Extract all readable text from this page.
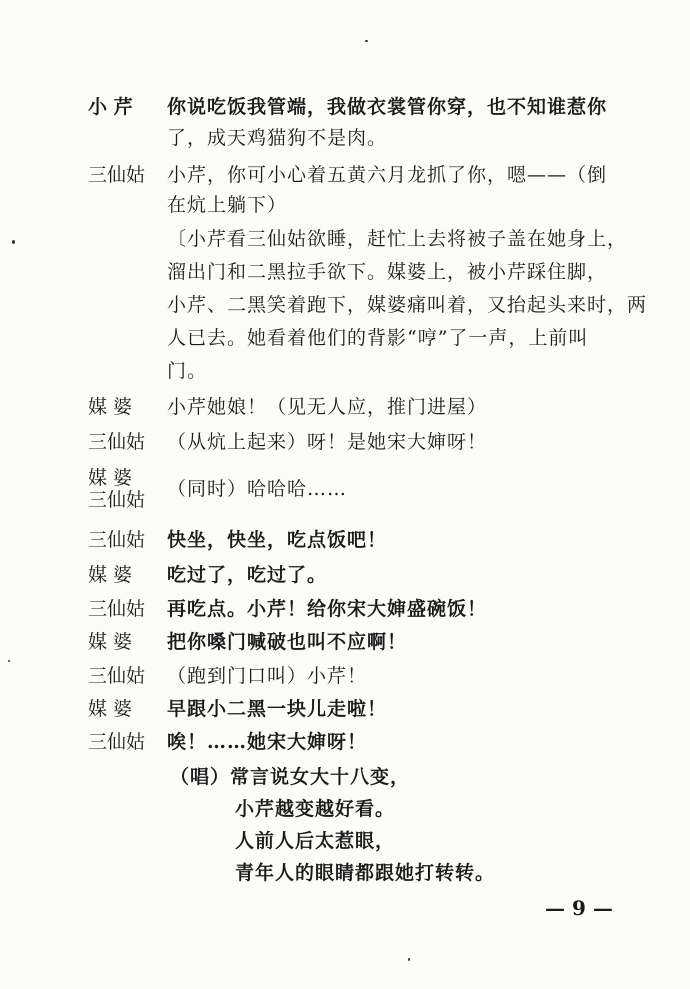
小 芹 你说吃饭我管端，我做衣裳管你穿，也不知谁惹你
了，成天鸡猫狗不是肉。
三仙姑 小芹，你可小心着五黄六月龙抓了你，嗯——（倒
在炕上躺下）
〔小芹看三仙姑欲睡，赶忙上去将被子盖在她身上，
溜出门和二黑拉手欲下。媒婆上，被小芹踩住脚，
小芹、二黑笑着跑下，媒婆痛叫着，又抬起头来时，两
人已去。她看着他们的背影“哼”了一声，上前叫
门。
媒 婆 小芹她娘！（见无人应，推门进屋）
三仙姑 （从炕上起来）呀！是她宋大婶呀！
媒 婆
三仙姑 （同时）哈哈哈……
三仙姑 快坐，快坐，吃点饭吧！
媒 婆 吃过了，吃过了。
三仙姑 再吃点。小芹！给你宋大婶盛碗饭！
媒 婆 把你嗓门喊破也叫不应啊！
三仙姑 （跑到门口叫）小芹！
媒 婆 早跟小二黑一块儿走啦！
三仙姑 唉！……她宋大婶呀！
（唱）常言说女大十八变，
小芹越变越好看。
人前人后太惹眼，
青年人的眼睛都跟她打转转。
— 9 —
